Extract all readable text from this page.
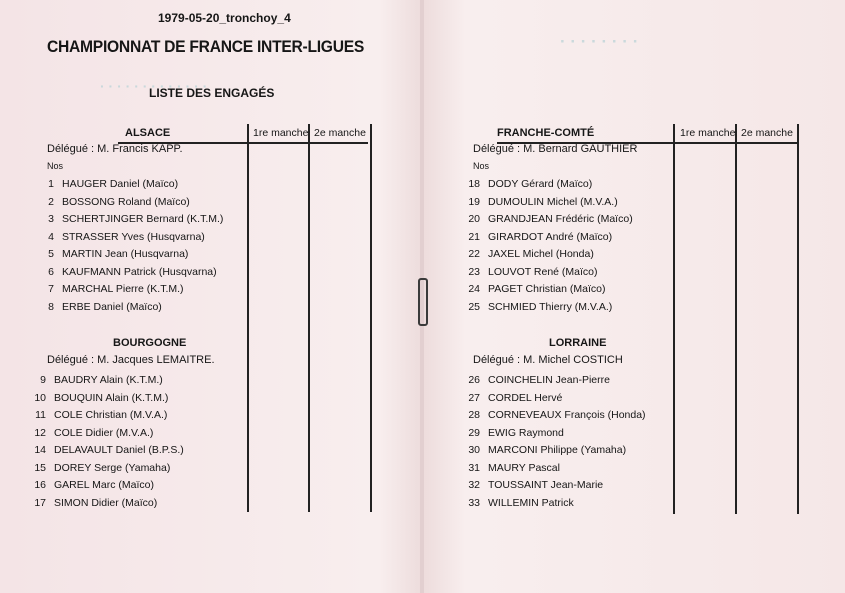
· · · · · · · ·
· · · · · · · · · · · · ·
1979-05-20_tronchoy_4
CHAMPIONNAT DE FRANCE INTER-LIGUES
LISTE DES ENGAGÉS
ALSACE	1re manche 2e manche
Délégué : M. Francis KAPP.
Nos
1 HAUGER Daniel (Maïco)
2 BOSSONG Roland (Maïco)
3 SCHERTJINGER Bernard (K.T.M.)
4 STRASSER Yves (Husqvarna)
5 MARTIN Jean (Husqvarna)
6 KAUFMANN Patrick (Husqvarna)
7 MARCHAL Pierre (K.T.M.)
8 ERBE Daniel (Maïco)
BOURGOGNE
Délégué : M. Jacques LEMAITRE.
9 BAUDRY Alain (K.T.M.)
10 BOUQUIN Alain (K.T.M.)
11 COLE Christian (M.V.A.)
12 COLE Didier (M.V.A.)
14 DELAVAULT Daniel (B.P.S.)
15 DOREY Serge (Yamaha)
16 GAREL Marc (Maïco)
17 SIMON Didier (Maïco)
FRANCHE-COMTÉ	1re manche 2e manche
Délégué : M. Bernard GAUTHIER
Nos
18 DODY Gérard (Maïco)
19 DUMOULIN Michel (M.V.A.)
20 GRANDJEAN Frédéric (Maïco)
21 GIRARDOT André (Maïco)
22 JAXEL Michel (Honda)
23 LOUVOT René (Maïco)
24 PAGET Christian (Maïco)
25 SCHMIED Thierry (M.V.A.)
LORRAINE
Délégué : M. Michel COSTICH
26 COINCHELIN Jean-Pierre
27 CORDEL Hervé
28 CORNEVEAUX François (Honda)
29 EWIG Raymond
30 MARCONI Philippe (Yamaha)
31 MAURY Pascal
32 TOUSSAINT Jean-Marie
33 WILLEMIN Patrick
